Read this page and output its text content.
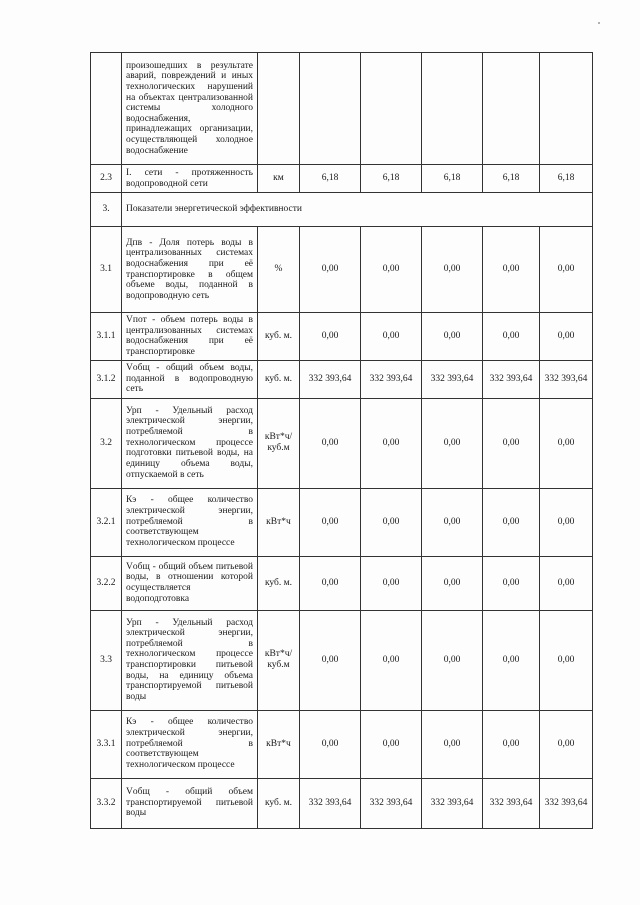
	произошедших в результате аварий, повреждений и иных технологических нарушений на объектах централизованной системы холодного водоснабжения, принадлежащих организации, осуществляющей холодное водоснабжение						
2.3	I. сети - протяженность водопроводной сети	км	6,18	6,18	6,18	6,18	6,18
3.	Показатели энергетической эффективности						
3.1	Дпв - Доля потерь воды в централизованных системах водоснабжения при её транспортировке в общем объеме воды, поданной в водопроводную сеть	%	0,00	0,00	0,00	0,00	0,00
3.1.1	Vпот - объем потерь воды в централизованных системах водоснабжения при её транспортировке	куб. м.	0,00	0,00	0,00	0,00	0,00
3.1.2	Vобщ - общий объем воды, поданной в водопроводную сеть	куб. м.	332 393,64	332 393,64	332 393,64	332 393,64	332 393,64
3.2	Урп - Удельный расход электрической энергии, потребляемой в технологическом процессе подготовки питьевой воды, на единицу объема воды, отпускаемой в сеть	кВт*ч/ куб.м	0,00	0,00	0,00	0,00	0,00
3.2.1	Кэ - общее количество электрической энергии, потребляемой в соответствующем технологическом процессе	кВт*ч	0,00	0,00	0,00	0,00	0,00
3.2.2	Vобщ - общий объем питьевой воды, в отношении которой осуществляется водоподготовка	куб. м.	0,00	0,00	0,00	0,00	0,00
3.3	Урп - Удельный расход электрической энергии, потребляемой в технологическом процессе транспортировки питьевой воды, на единицу объема транспортируемой питьевой воды	кВт*ч/ куб.м	0,00	0,00	0,00	0,00	0,00
3.3.1	Кэ - общее количество электрической энергии, потребляемой в соответствующем технологическом процессе	кВт*ч	0,00	0,00	0,00	0,00	0,00
3.3.2	Vобщ - общий объем транспортируемой питьевой воды	куб. м.	332 393,64	332 393,64	332 393,64	332 393,64	332 393,64
